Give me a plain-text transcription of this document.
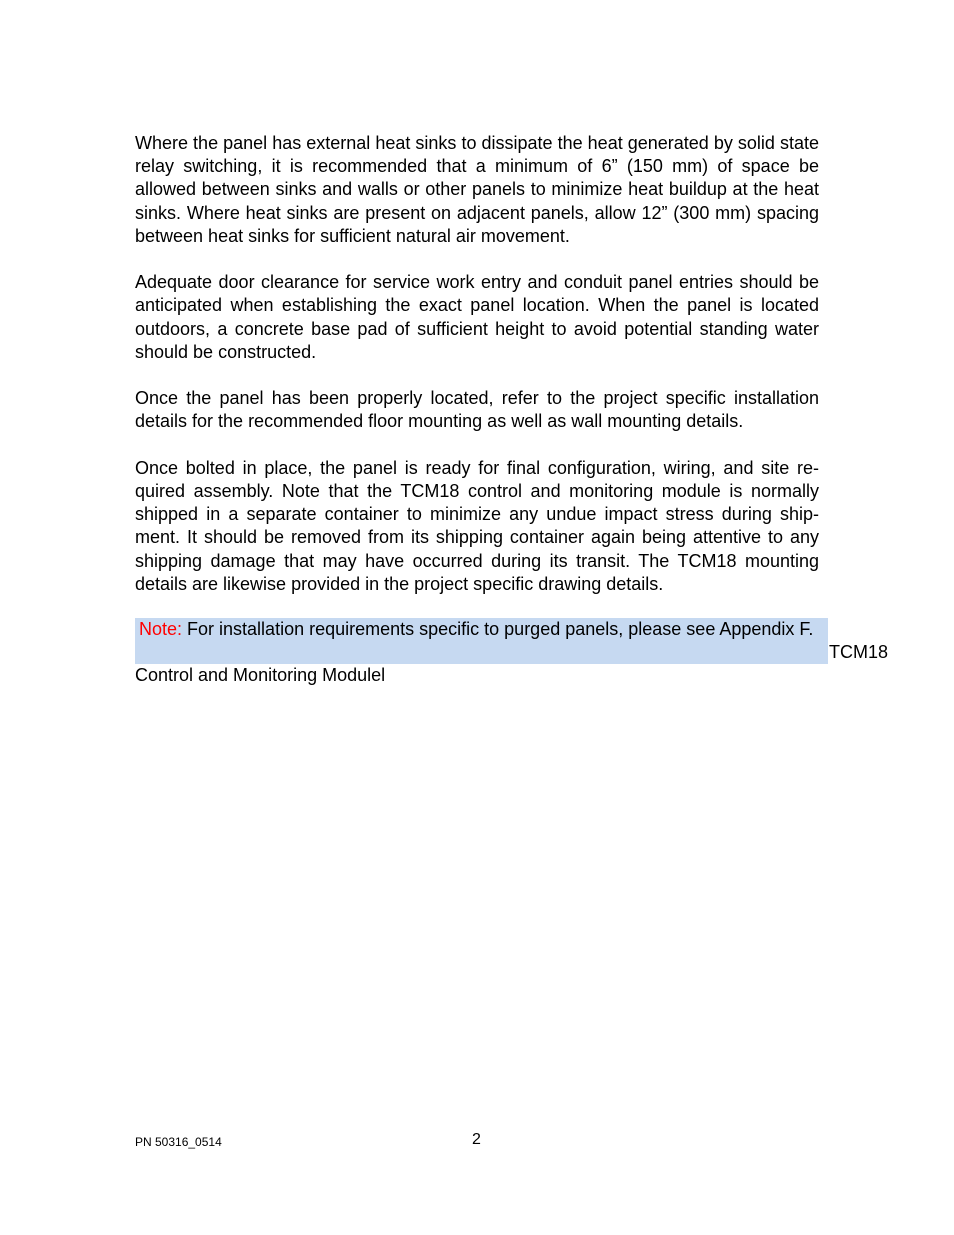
Where the panel has external heat sinks to dissipate the heat generated by solid state relay switching, it is recommended that a minimum of 6” (150 mm) of space be allowed between sinks and walls or other panels to minimize heat buildup at the heat sinks. Where heat sinks are present on adjacent panels, allow 12” (300 mm) spacing between heat sinks for sufficient natural air movement.

Adequate door clearance for service work entry and conduit panel entries should be anticipated when establishing the exact panel location. When the panel is located outdoors, a concrete base pad of sufficient height to avoid potential standing water should be constructed.

Once the panel has been properly located, refer to the project specific installation details for the recommended floor mounting as well as wall mounting details.

Once bolted in place, the panel is ready for final configuration, wiring, and site required assembly. Note that the TCM18 control and monitoring module is normally shipped in a separate container to minimize any undue impact stress during shipment. It should be removed from its shipping container again being attentive to any shipping damage that may have occurred during its transit. The TCM18 mounting details are likewise provided in the project specific drawing details.

Note: For installation requirements specific to purged panels, please see Appendix F.
TCM18
Control and Monitoring Modulel
PN 50316_0514	2
